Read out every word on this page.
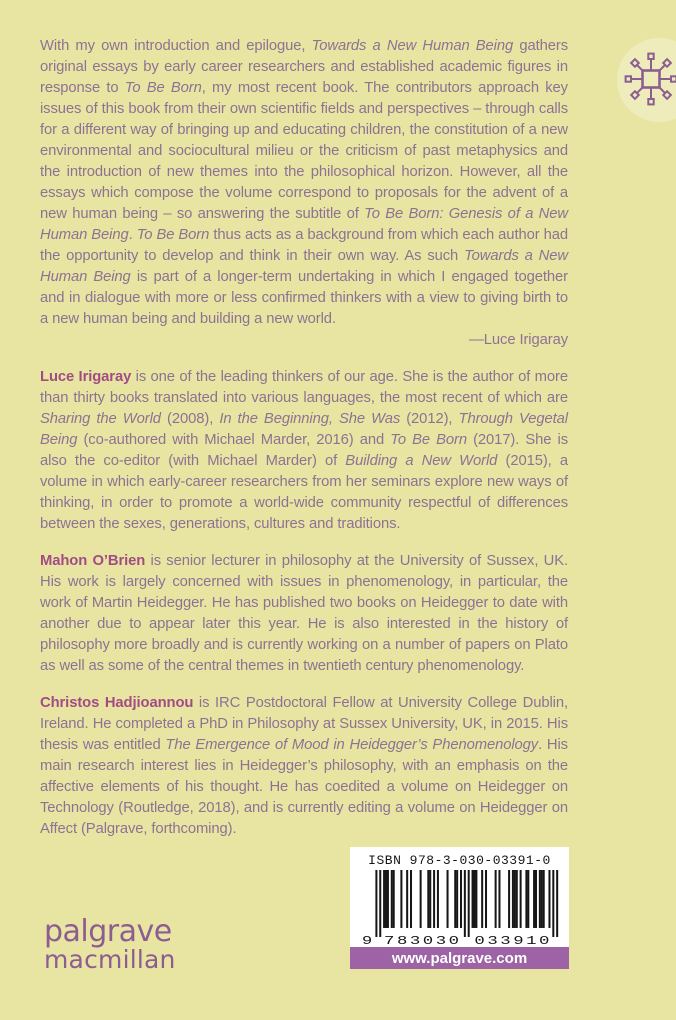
With my own introduction and epilogue, Towards a New Human Being gathers original essays by early career researchers and established academic figures in response to To Be Born, my most recent book. The contributors approach key issues of this book from their own scientific fields and perspectives – through calls for a different way of bringing up and educating children, the constitution of a new environmental and sociocultural milieu or the criticism of past metaphysics and the introduction of new themes into the philosophical horizon. However, all the essays which compose the volume correspond to proposals for the advent of a new human being – so answering the subtitle of To Be Born: Genesis of a New Human Being. To Be Born thus acts as a background from which each author had the opportunity to develop and think in their own way. As such Towards a New Human Being is part of a longer-term undertaking in which I engaged together and in dialogue with more or less confirmed thinkers with a view to giving birth to a new human being and building a new world.

—Luce Irigaray

Luce Irigaray is one of the leading thinkers of our age. She is the author of more than thirty books translated into various languages, the most recent of which are Sharing the World (2008), In the Beginning, She Was (2012), Through Vegetal Being (co-authored with Michael Marder, 2016) and To Be Born (2017). She is also the co-editor (with Michael Marder) of Building a New World (2015), a volume in which early-career researchers from her seminars explore new ways of thinking, in order to promote a world-wide community respectful of differences between the sexes, generations, cultures and traditions.

Mahon O’Brien is senior lecturer in philosophy at the University of Sussex, UK. His work is largely concerned with issues in phenomenology, in particular, the work of Martin Heidegger. He has published two books on Heidegger to date with another due to appear later this year. He is also interested in the history of philosophy more broadly and is currently working on a number of papers on Plato as well as some of the central themes in twentieth century phenomenology.

Christos Hadjioannou is IRC Postdoctoral Fellow at University College Dublin, Ireland. He completed a PhD in Philosophy at Sussex University, UK, in 2015. His thesis was entitled The Emergence of Mood in Heidegger’s Phenomenology. His main research interest lies in Heidegger’s philosophy, with an emphasis on the affective elements of his thought. He has coedited a volume on Heidegger on Technology (Routledge, 2018), and is currently editing a volume on Heidegger on Affect (Palgrave, forthcoming).

palgrave
macmillan
ISBN 978-3-030-03391-0
9 783030 033910
www.palgrave.com
